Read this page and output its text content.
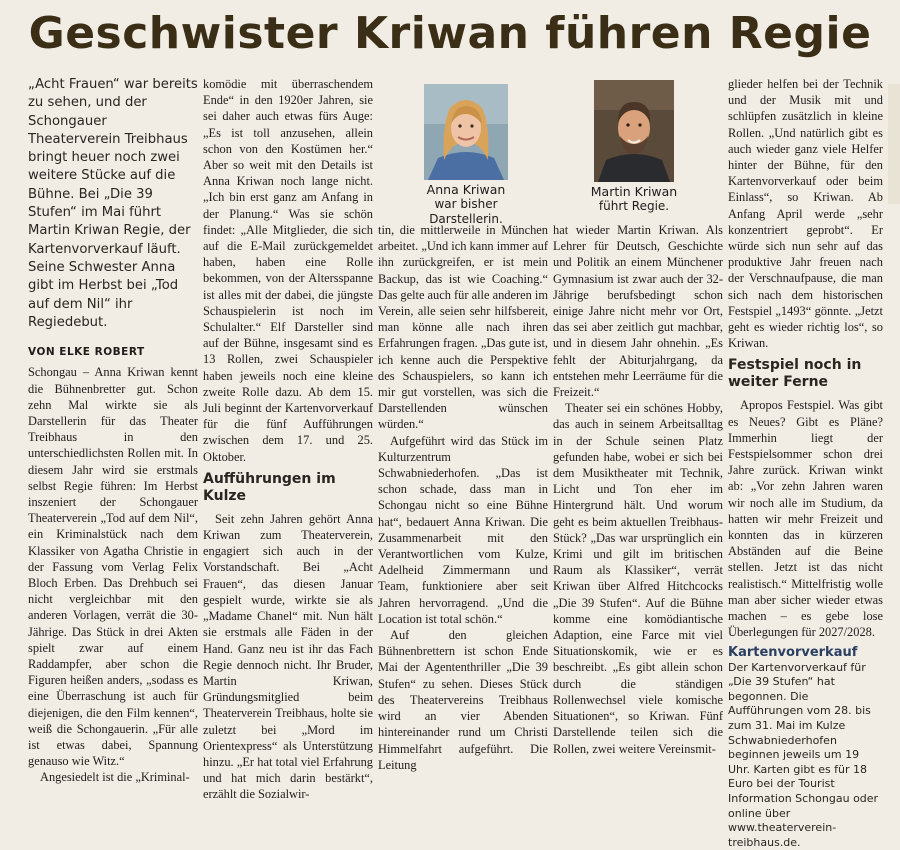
Geschwister Kriwan führen Regie

„Acht Frauen“ war bereits zu sehen, und der Schongauer Theaterverein Treibhaus bringt heuer noch zwei weitere Stücke auf die Bühne. Bei „Die 39 Stufen“ im Mai führt Martin Kriwan Regie, der Kartenvorverkauf läuft. Seine Schwester Anna gibt im Herbst bei „Tod auf dem Nil“ ihr Regiedebut.

VON ELKE ROBERT

Schongau – Anna Kriwan kennt die Bühnenbretter gut. Schon zehn Mal wirkte sie als Darstellerin für das Theater Treibhaus in den unterschiedlichsten Rollen mit. In diesem Jahr wird sie erstmals selbst Regie führen: Im Herbst inszeniert der Schongauer Theaterverein „Tod auf dem Nil“, ein Kriminalstück nach dem Klassiker von Agatha Christie in der Fassung vom Verlag Felix Bloch Erben. Das Drehbuch sei nicht vergleichbar mit den anderen Vorlagen, verrät die 30-Jährige. Das Stück in drei Akten spielt zwar auf einem Raddampfer, aber schon die Figuren heißen anders, „sodass es eine Überraschung ist auch für diejenigen, die den Film kennen“, weiß die Schongauerin. „Für alle ist etwas dabei, Spannung genauso wie Witz.“

Angesiedelt ist die „Kriminal-

komödie mit überraschendem Ende“ in den 1920er Jahren, sie sei daher auch etwas fürs Auge: „Es ist toll anzusehen, allein schon von den Kostümen her.“ Aber so weit mit den Details ist Anna Kriwan noch lange nicht. „Ich bin erst ganz am Anfang in der Planung.“ Was sie schön findet: „Alle Mitglieder, die sich auf die E-Mail zurückgemeldet haben, haben eine Rolle bekommen, von der Altersspanne ist alles mit der dabei, die jüngste Schauspielerin ist noch im Schulalter.“ Elf Darsteller sind auf der Bühne, insgesamt sind es 13 Rollen, zwei Schauspieler haben jeweils noch eine kleine zweite Rolle dazu. Ab dem 15. Juli beginnt der Kartenvorverkauf für die fünf Aufführungen zwischen dem 17. und 25. Oktober.

Aufführungen im Kulze

Seit zehn Jahren gehört Anna Kriwan zum Theaterverein, engagiert sich auch in der Vorstandschaft. Bei „Acht Frauen“, das diesen Januar gespielt wurde, wirkte sie als „Madame Chanel“ mit. Nun hält sie erstmals alle Fäden in der Hand. Ganz neu ist ihr das Fach Regie dennoch nicht. Ihr Bruder, Martin Kriwan, Gründungsmitglied beim Theaterverein Treibhaus, holte sie zuletzt bei „Mord im Orientexpress“ als Unterstützung hinzu. „Er hat total viel Erfahrung und hat mich darin bestärkt“, erzählt die Sozialwir-

Anna Kriwan
war bisher Darstellerin.
Martin Kriwan
führt Regie.

tin, die mittlerweile in München arbeitet. „Und ich kann immer auf ihn zurückgreifen, er ist mein Backup, das ist wie Coaching.“ Das gelte auch für alle anderen im Verein, alle seien sehr hilfsbereit, man könne alle nach ihren Erfahrungen fragen. „Das gute ist, ich kenne auch die Perspektive des Schauspielers, so kann ich mir gut vorstellen, was sich die Darstellenden wünschen würden.“

Aufgeführt wird das Stück im Kulturzentrum Schwabniederhofen. „Das ist schon schade, dass man in Schongau nicht so eine Bühne hat“, bedauert Anna Kriwan. Die Zusammenarbeit mit den Verantwortlichen vom Kulze, Adelheid Zimmermann und Team, funktioniere aber seit Jahren hervorragend. „Und die Location ist total schön.“

Auf den gleichen Bühnenbrettern ist schon Ende Mai der Agententhriller „Die 39 Stufen“ zu sehen. Dieses Stück des Theatervereins Treibhaus wird an vier Abenden hintereinander rund um Christi Himmelfahrt aufgeführt. Die Leitung

hat wieder Martin Kriwan. Als Lehrer für Deutsch, Geschichte und Politik an einem Münchener Gymnasium ist zwar auch der 32-Jährige berufsbedingt schon einige Jahre nicht mehr vor Ort, das sei aber zeitlich gut machbar, und in diesem Jahr ohnehin. „Es fehlt der Abiturjahrgang, da entstehen mehr Leerräume für die Freizeit.“

Theater sei ein schönes Hobby, das auch in seinem Arbeitsalltag in der Schule seinen Platz gefunden habe, wobei er sich bei dem Musiktheater mit Technik, Licht und Ton eher im Hintergrund hält. Und worum geht es beim aktuellen Treibhaus-Stück? „Das war ursprünglich ein Krimi und gilt im britischen Raum als Klassiker“, verrät Kriwan über Alfred Hitchcocks „Die 39 Stufen“. Auf die Bühne komme eine komödiantische Adaption, eine Farce mit viel Situationskomik, wie er es beschreibt. „Es gibt allein schon durch die ständigen Rollenwechsel viele komische Situationen“, so Kriwan. Fünf Darstellende teilen sich die Rollen, zwei weitere Vereinsmit-

glieder helfen bei der Technik und der Musik mit und schlüpfen zusätzlich in kleine Rollen. „Und natürlich gibt es auch wieder ganz viele Helfer hinter der Bühne, für den Kartenvorverkauf oder beim Einlass“, so Kriwan. Ab Anfang April werde „sehr konzentriert geprobt“. Er würde sich nun sehr auf das produktive Jahr freuen nach der Verschnaufpause, die man sich nach dem historischen Festspiel „1493“ gönnte. „Jetzt geht es wieder richtig los“, so Kriwan.

Festspiel noch in weiter Ferne

Apropos Festspiel. Was gibt es Neues? Gibt es Pläne? Immerhin liegt der Festspielsommer schon drei Jahre zurück. Kriwan winkt ab: „Vor zehn Jahren waren wir noch alle im Studium, da hatten wir mehr Freizeit und konnten das in kürzeren Abständen auf die Beine stellen. Jetzt ist das nicht realistisch.“ Mittelfristig wolle man aber sicher wieder etwas machen – es gebe lose Überlegungen für 2027/2028.

Kartenvorverkauf

Der Kartenvorverkauf für „Die 39 Stufen“ hat begonnen. Die Aufführungen vom 28. bis zum 31. Mai im Kulze Schwabniederhofen beginnen jeweils um 19 Uhr. Karten gibt es für 18 Euro bei der Tourist Information Schongau oder online über www.theaterverein-treibhaus.de.
